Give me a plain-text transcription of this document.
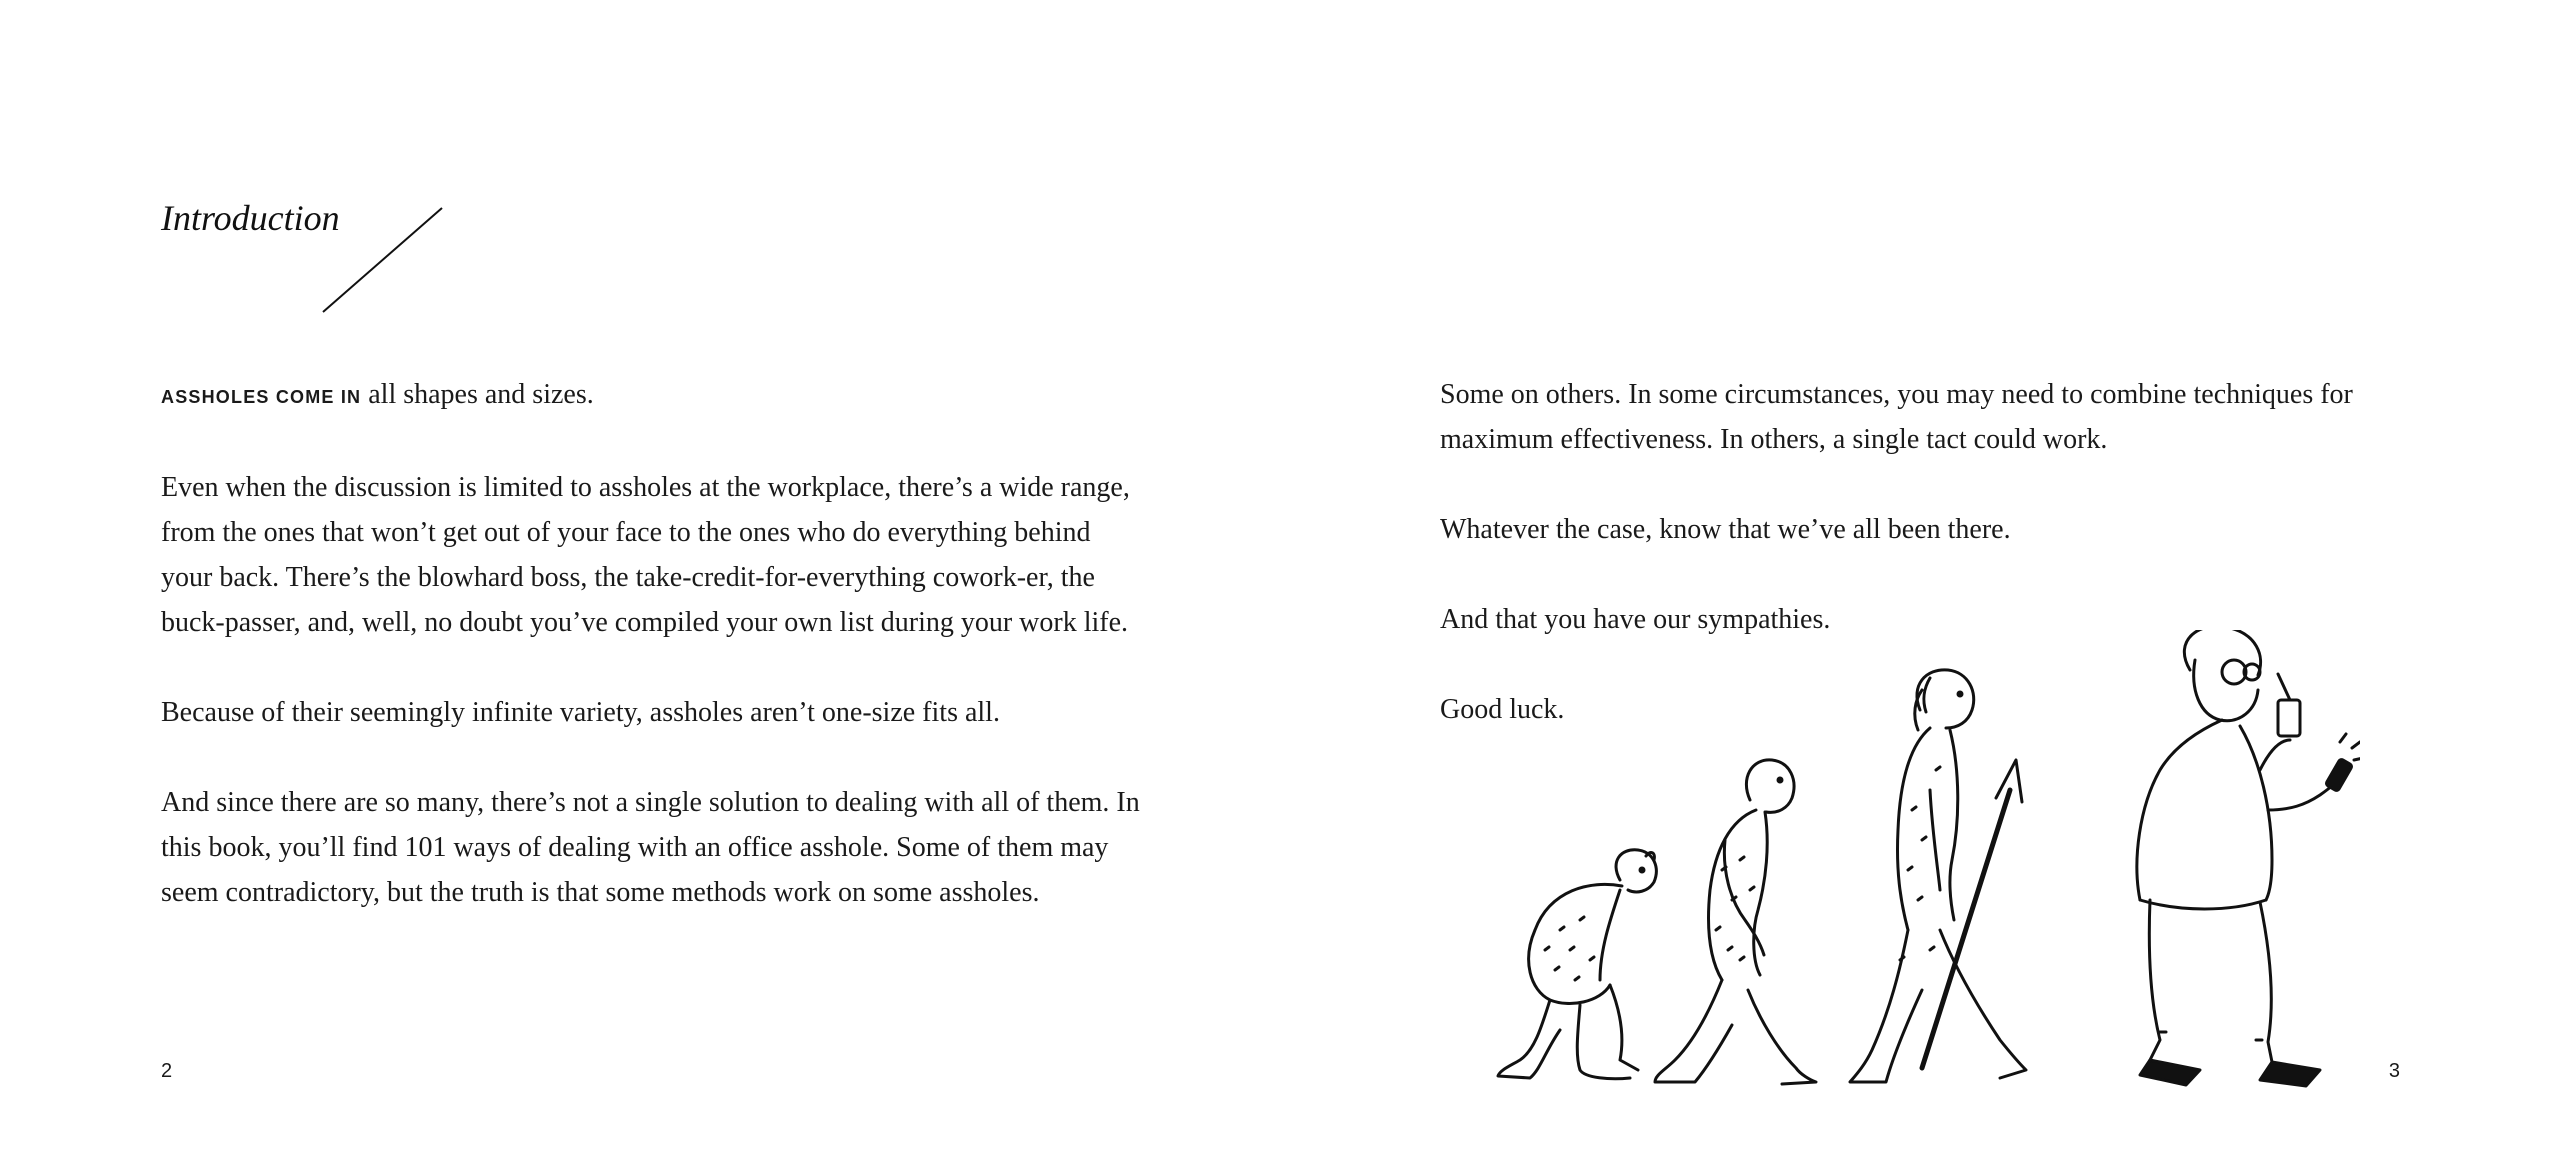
Introduction

ASSHOLES COME IN all shapes and sizes.

Even when the discussion is limited to assholes at the workplace, there’s a wide range, from the ones that won’t get out of your face to the ones who do everything behind your back. There’s the blowhard boss, the take-credit-for-everything cowork-er, the buck-passer, and, well, no doubt you’ve compiled your own list during your work life.

Because of their seemingly infinite variety, assholes aren’t one-size fits all.

And since there are so many, there’s not a single solution to dealing with all of them. In this book, you’ll find 101 ways of dealing with an office asshole. Some of them may seem contradictory, but the truth is that some methods work on some assholes.

2

Some on others. In some circumstances, you may need to combine techniques for maximum effectiveness. In others, a single tact could work.

Whatever the case, know that we’ve all been there.

And that you have our sympathies.

Good luck.

3
